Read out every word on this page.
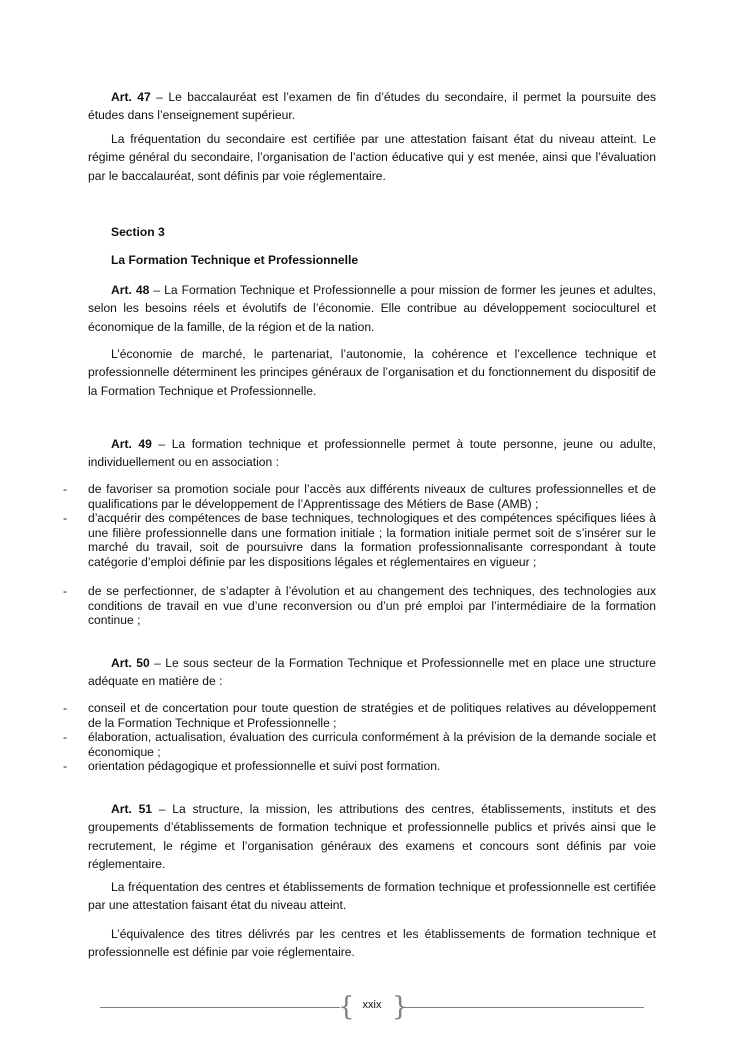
Art. 47 – Le baccalauréat est l’examen de fin d’études du secondaire, il permet la poursuite des études dans l’enseignement supérieur.

La fréquentation du secondaire est certifiée par une attestation faisant état du niveau atteint. Le régime général du secondaire, l’organisation de l’action éducative qui y est menée, ainsi que l’évaluation par le baccalauréat, sont définis par voie réglementaire.

Section 3

La Formation Technique et Professionnelle

Art. 48 – La Formation Technique et Professionnelle a pour mission de former les jeunes et adultes, selon les besoins réels et évolutifs de l’économie. Elle contribue au développement socioculturel et économique de la famille, de la région et de la nation.

L’économie de marché, le partenariat, l’autonomie, la cohérence et l’excellence technique et professionnelle déterminent les principes généraux de l’organisation et du fonctionnement du dispositif de la Formation Technique et Professionnelle.

Art. 49 – La formation technique et professionnelle permet à toute personne, jeune ou adulte, individuellement ou en association :

- de favoriser sa promotion sociale pour l’accès aux différents niveaux de cultures professionnelles et de qualifications par le développement de l’Apprentissage des Métiers de Base (AMB) ;
- d’acquérir des compétences de base techniques, technologiques et des compétences spécifiques liées à une filière professionnelle dans une formation initiale ; la formation initiale permet soit de s’insérer sur le marché du travail, soit de poursuivre dans la formation professionnalisante correspondant à toute catégorie d’emploi définie par les dispositions légales et réglementaires en vigueur ;
- de se perfectionner, de s’adapter à l’évolution et au changement des techniques, des technologies aux conditions de travail en vue d’une reconversion ou d’un pré emploi par l’intermédiaire de la formation continue ;

Art. 50 – Le sous secteur de la Formation Technique et Professionnelle met en place une structure adéquate en matière de :

- conseil et de concertation pour toute question de stratégies et de politiques relatives au développement de la Formation Technique et Professionnelle ;
- élaboration, actualisation, évaluation des curricula conformément à la prévision de la demande sociale et économique ;
- orientation pédagogique et professionnelle et suivi post formation.

Art. 51 – La structure, la mission, les attributions des centres, établissements, instituts et des groupements d’établissements de formation technique et professionnelle publics et privés ainsi que le recrutement, le régime et l’organisation généraux des examens et concours sont définis par voie réglementaire.

La fréquentation des centres et établissements de formation technique et professionnelle est certifiée par une attestation faisant état du niveau atteint.

L’équivalence des titres délivrés par les centres et les établissements de formation technique et professionnelle est définie par voie réglementaire.

{ }
xxix
